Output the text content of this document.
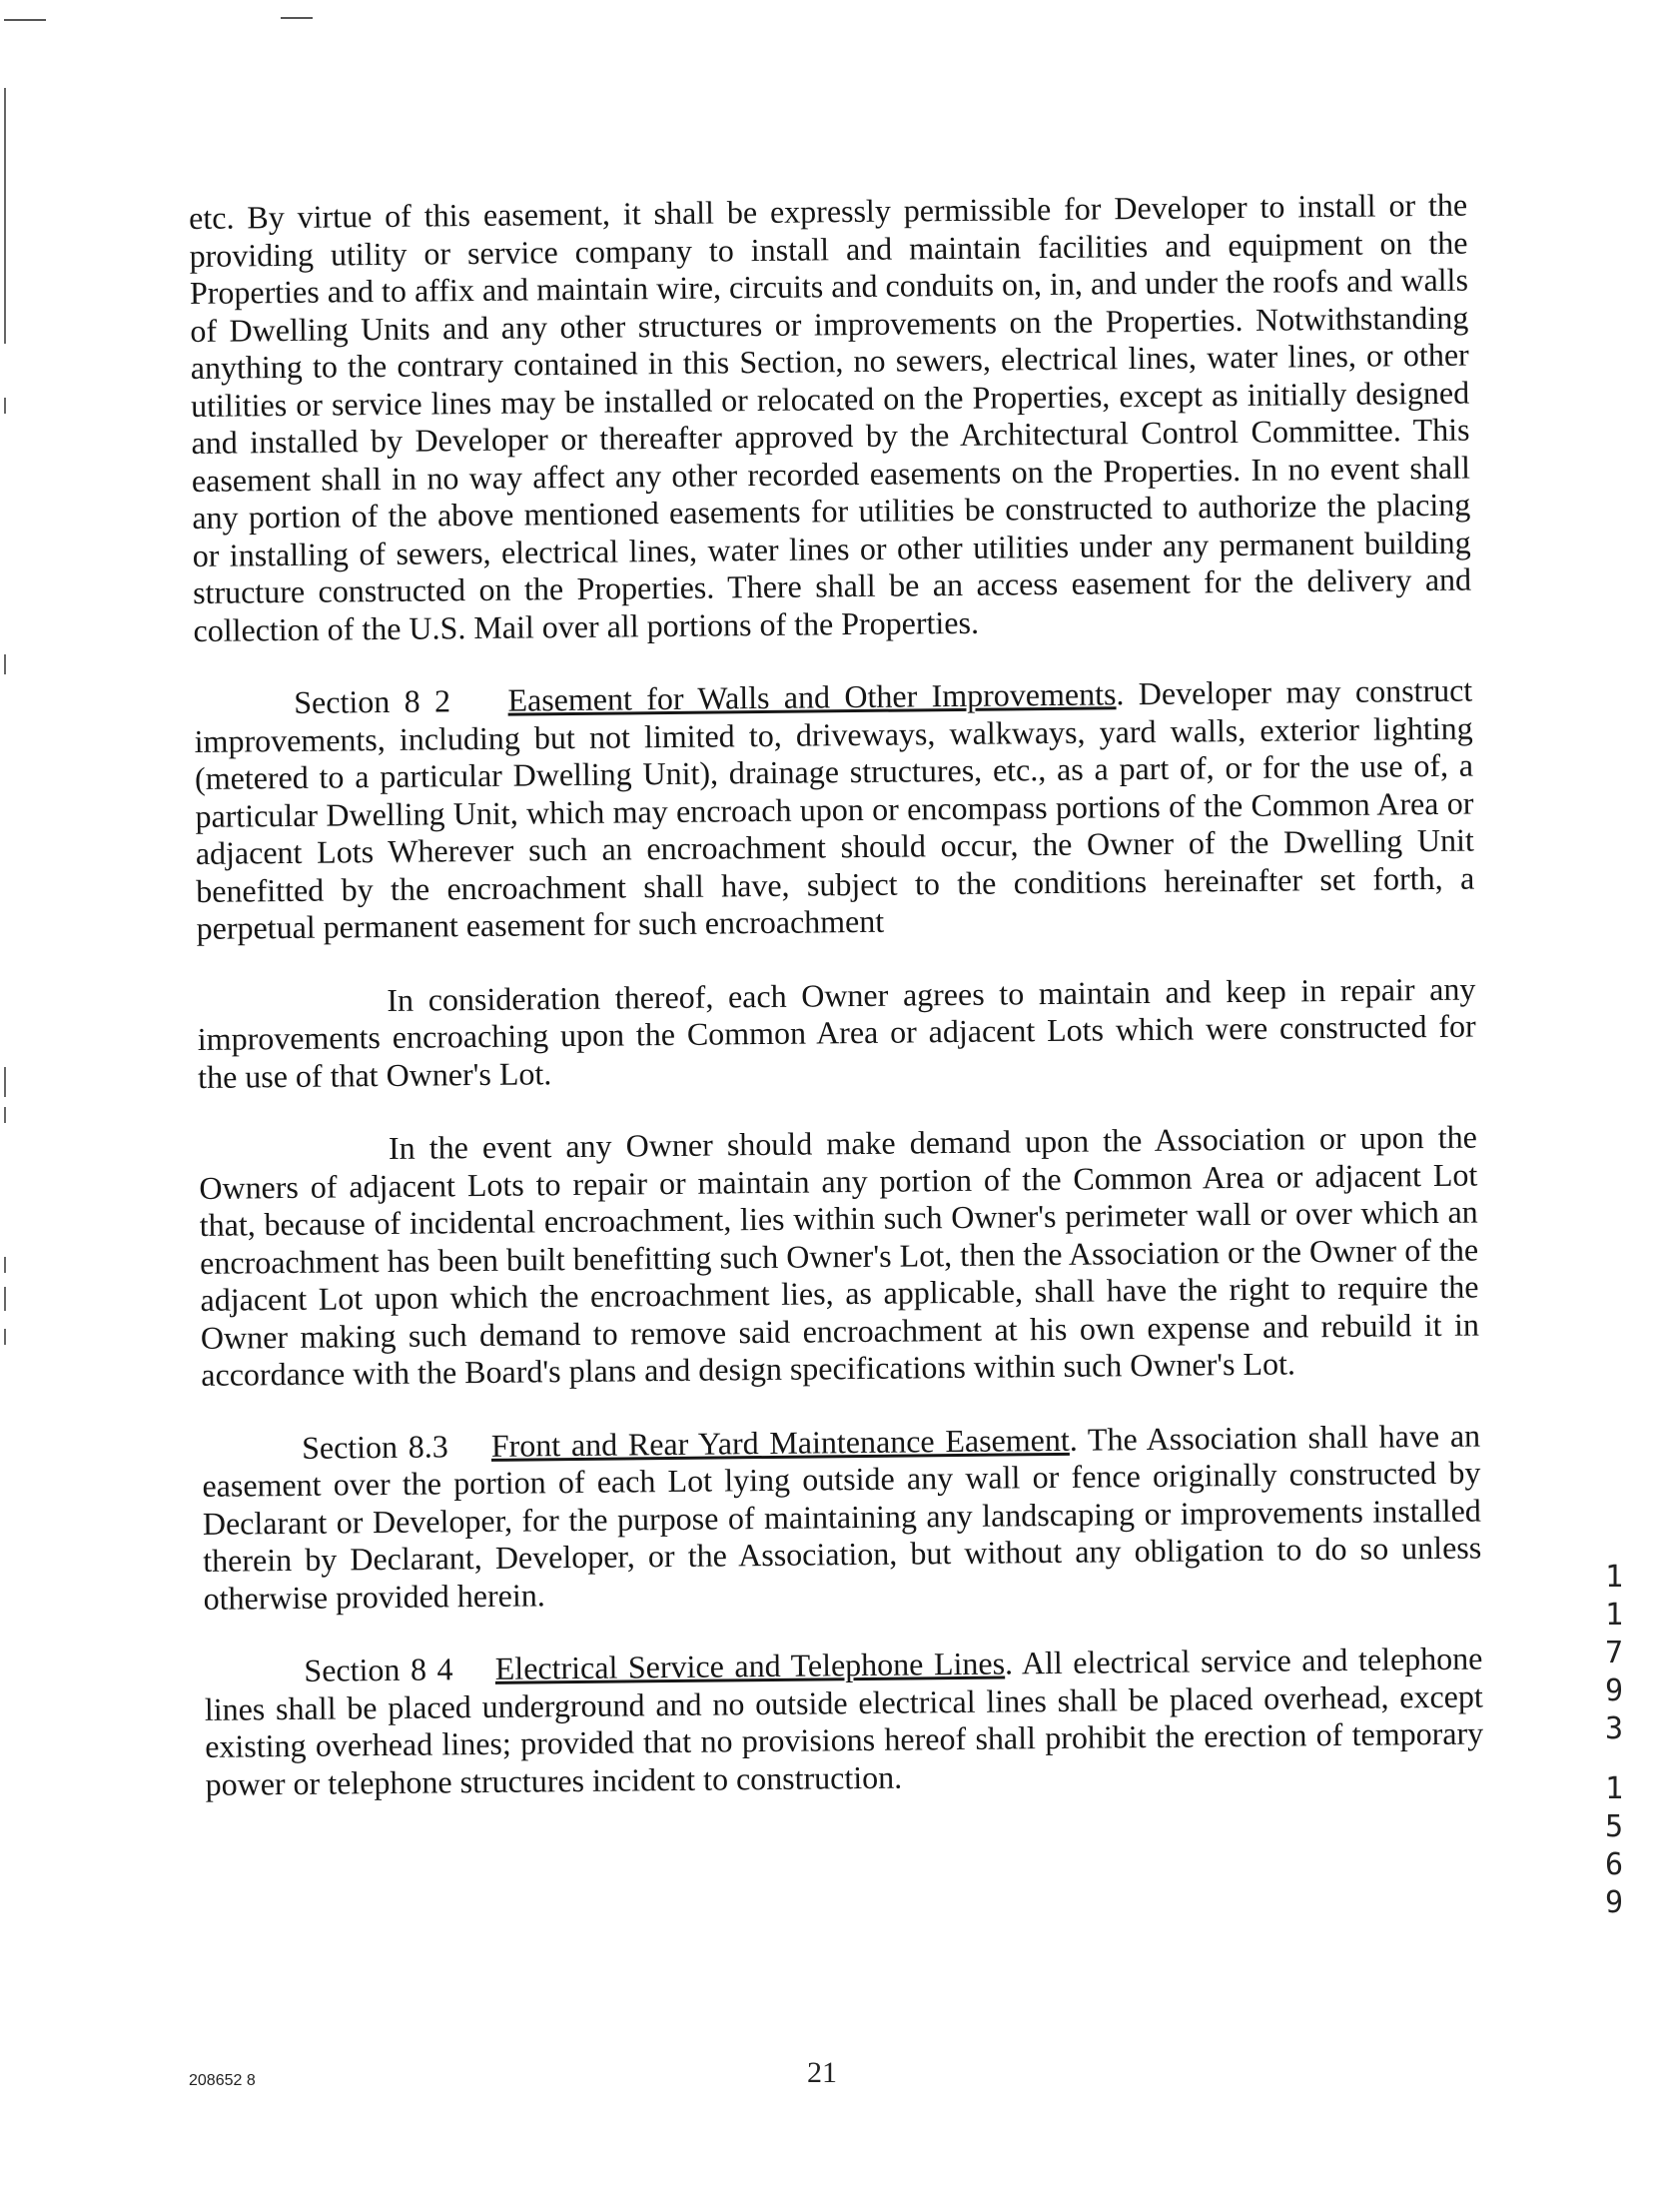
etc. By virtue of this easement, it shall be expressly permissible for Developer to install or the providing utility or service company to install and maintain facilities and equipment on the Properties and to affix and maintain wire, circuits and conduits on, in, and under the roofs and walls of Dwelling Units and any other structures or improvements on the Properties. Notwithstanding anything to the contrary contained in this Section, no sewers, electrical lines, water lines, or other utilities or service lines may be installed or relocated on the Properties, except as initially designed and installed by Developer or thereafter approved by the Architectural Control Committee. This easement shall in no way affect any other recorded easements on the Properties. In no event shall any portion of the above mentioned easements for utilities be constructed to authorize the placing or installing of sewers, electrical lines, water lines or other utilities under any permanent building structure constructed on the Properties. There shall be an access easement for the delivery and collection of the U.S. Mail over all portions of the Properties.

Section 8 2 Easement for Walls and Other Improvements. Developer may construct improvements, including but not limited to, driveways, walkways, yard walls, exterior lighting (metered to a particular Dwelling Unit), drainage structures, etc., as a part of, or for the use of, a particular Dwelling Unit, which may encroach upon or encompass portions of the Common Area or adjacent Lots Wherever such an encroachment should occur, the Owner of the Dwelling Unit benefitted by the encroachment shall have, subject to the conditions hereinafter set forth, a perpetual permanent easement for such encroachment

In consideration thereof, each Owner agrees to maintain and keep in repair any improvements encroaching upon the Common Area or adjacent Lots which were constructed for the use of that Owner's Lot.

In the event any Owner should make demand upon the Association or upon the Owners of adjacent Lots to repair or maintain any portion of the Common Area or adjacent Lot that, because of incidental encroachment, lies within such Owner's perimeter wall or over which an encroachment has been built benefitting such Owner's Lot, then the Association or the Owner of the adjacent Lot upon which the encroachment lies, as applicable, shall have the right to require the Owner making such demand to remove said encroachment at his own expense and rebuild it in accordance with the Board's plans and design specifications within such Owner's Lot.

Section 8.3 Front and Rear Yard Maintenance Easement. The Association shall have an easement over the portion of each Lot lying outside any wall or fence originally constructed by Declarant or Developer, for the purpose of maintaining any landscaping or improvements installed therein by Declarant, Developer, or the Association, but without any obligation to do so unless otherwise provided herein.

Section 8 4 Electrical Service and Telephone Lines. All electrical service and telephone lines shall be placed underground and no outside electrical lines shall be placed overhead, except existing overhead lines; provided that no provisions hereof shall prohibit the erection of temporary power or telephone structures incident to construction.

1
1
7
9
3
1
5
6
9
208652 8	21
